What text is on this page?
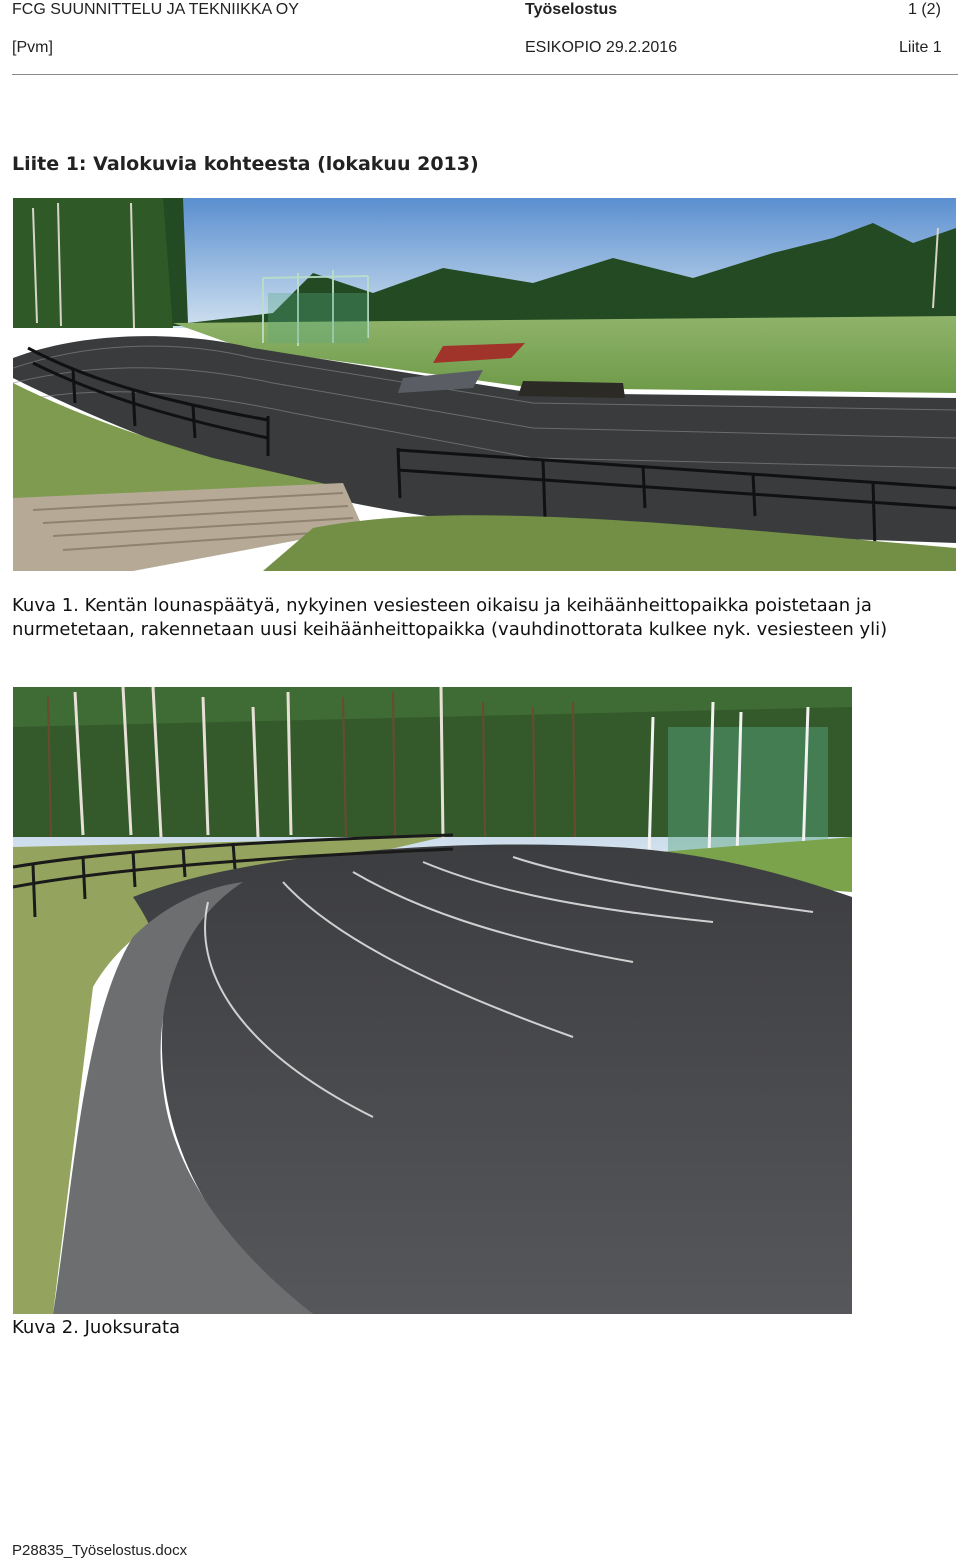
FCG SUUNNITTELU JA TEKNIIKKA OY	Työselostus	1 (2)
[Pvm]	ESIKOPIO 29.2.2016	Liite 1
Liite 1: Valokuvia kohteesta (lokakuu 2013)
Kuva 1. Kentän lounaspäätyä, nykyinen vesiesteen oikaisu ja keihäänheittopaikka poistetaan ja nurmetetaan, rakennetaan uusi keihäänheittopaikka (vauhdinottorata kulkee nyk. vesiesteen yli)
Kuva 2. Juoksurata
P28835_Työselostus.docx
